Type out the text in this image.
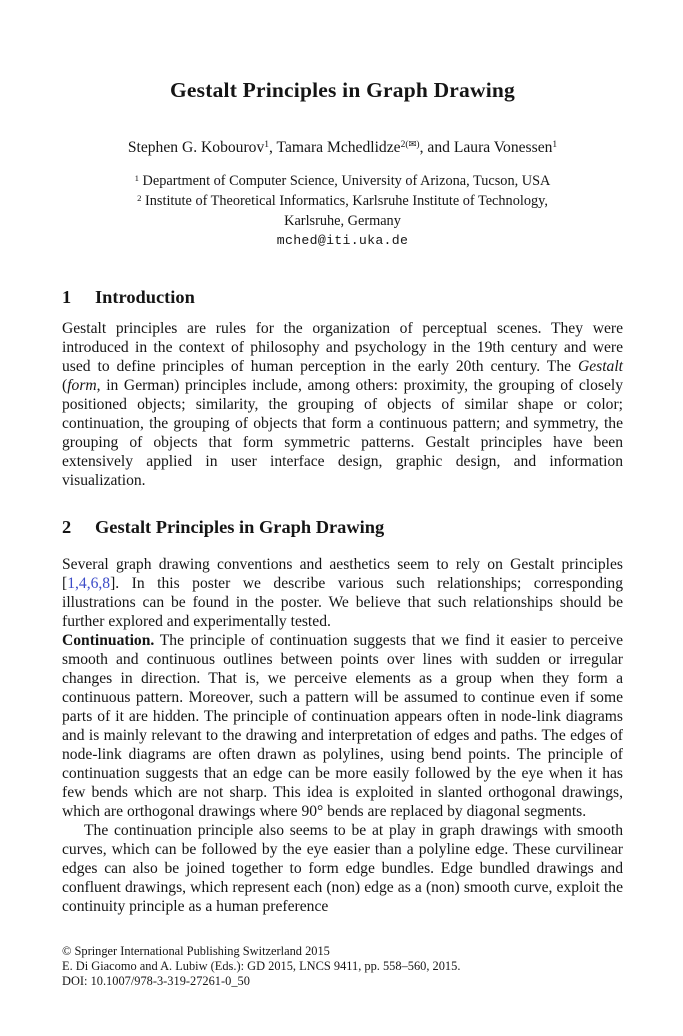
Gestalt Principles in Graph Drawing
Stephen G. Kobourov$^1$, Tamara Mchedlidze$^{2(✉)}$, and Laura Vonessen$^1$
$^1$ Department of Computer Science, University of Arizona, Tucson, USA
$^2$ Institute of Theoretical Informatics, Karlsruhe Institute of Technology,
Karlsruhe, Germany
mched@iti.uka.de
1 Introduction

Gestalt principles are rules for the organization of perceptual scenes. They were introduced in the context of philosophy and psychology in the 19th century and were used to define principles of human perception in the early 20th century. The Gestalt (form, in German) principles include, among others: proximity, the grouping of closely positioned objects; similarity, the grouping of objects of similar shape or color; continuation, the grouping of objects that form a continuous pattern; and symmetry, the grouping of objects that form symmetric patterns. Gestalt principles have been extensively applied in user interface design, graphic design, and information visualization.

2 Gestalt Principles in Graph Drawing

Several graph drawing conventions and aesthetics seem to rely on Gestalt principles [1,4,6,8]. In this poster we describe various such relationships; corresponding illustrations can be found in the poster. We believe that such relationships should be further explored and experimentally tested.

Continuation. The principle of continuation suggests that we find it easier to perceive smooth and continuous outlines between points over lines with sudden or irregular changes in direction. That is, we perceive elements as a group when they form a continuous pattern. Moreover, such a pattern will be assumed to continue even if some parts of it are hidden. The principle of continuation appears often in node-link diagrams and is mainly relevant to the drawing and interpretation of edges and paths. The edges of node-link diagrams are often drawn as polylines, using bend points. The principle of continuation suggests that an edge can be more easily followed by the eye when it has few bends which are not sharp. This idea is exploited in slanted orthogonal drawings, which are orthogonal drawings where 90° bends are replaced by diagonal segments.

The continuation principle also seems to be at play in graph drawings with smooth curves, which can be followed by the eye easier than a polyline edge. These curvilinear edges can also be joined together to form edge bundles. Edge bundled drawings and confluent drawings, which represent each (non) edge as a (non) smooth curve, exploit the continuity principle as a human preference

© Springer International Publishing Switzerland 2015
E. Di Giacomo and A. Lubiw (Eds.): GD 2015, LNCS 9411, pp. 558–560, 2015.
DOI: 10.1007/978-3-319-27261-0_50
